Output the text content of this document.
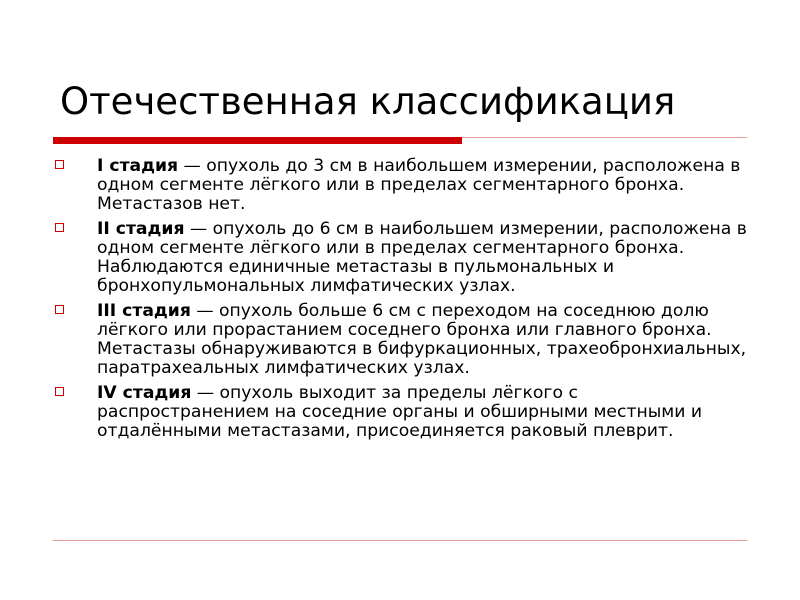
Отечественная классификация
I стадия — опухоль до 3 см в наибольшем измерении, расположена в одном сегменте лёгкого или в пределах сегментарного бронха. Метастазов нет.
II стадия — опухоль до 6 см в наибольшем измерении, расположена в одном сегменте лёгкого или в пределах сегментарного бронха. Наблюдаются единичные метастазы в пульмональных и бронхопульмональных лимфатических узлах.
III стадия — опухоль больше 6 см с переходом на соседнюю долю лёгкого или прорастанием соседнего бронха или главного бронха. Метастазы обнаруживаются в бифуркационных, трахеобронхиальных, паратрахеальных лимфатических узлах.
IV стадия — опухоль выходит за пределы лёгкого с распространением на соседние органы и обширными местными и отдалёнными метастазами, присоединяется раковый плеврит.
